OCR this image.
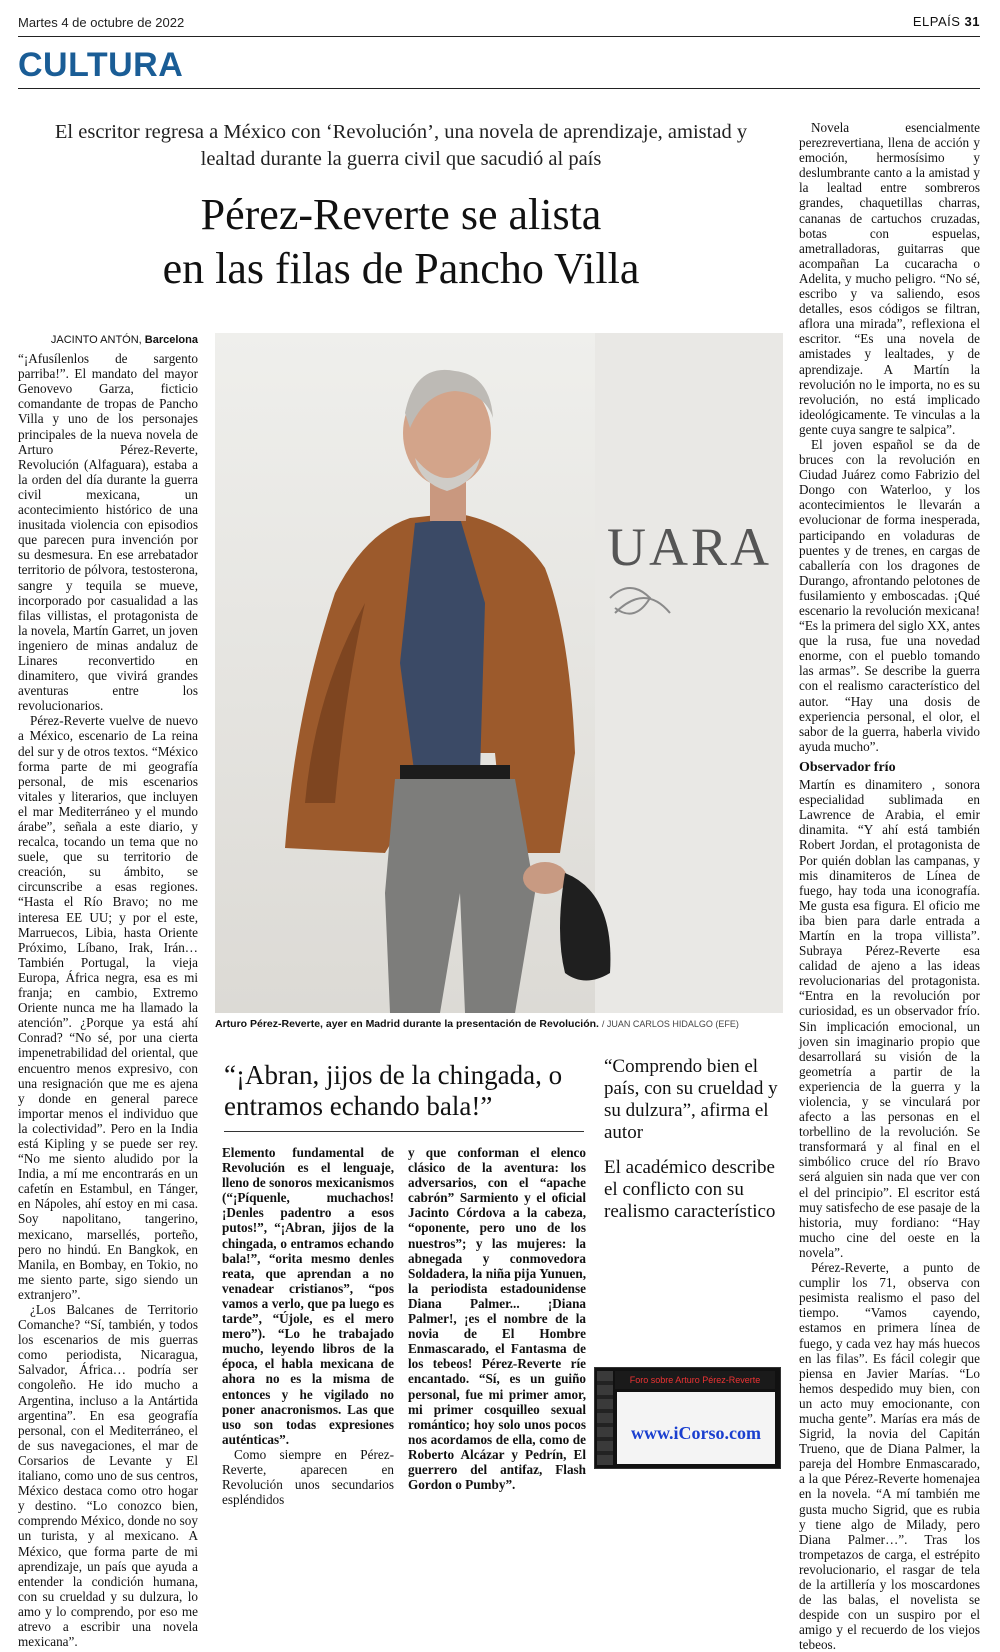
Martes 4 de octubre de 2022	ELPAÍS 31
CULTURA
El escritor regresa a México con ‘Revolución’, una novela de aprendizaje, amistad y lealtad durante la guerra civil que sacudió al país
Pérez-Reverte se alista
en las filas de Pancho Villa
JACINTO ANTÓN, Barcelona

“¡Afusílenlos de sargento parriba!”. El mandato del mayor Genovevo Garza, ficticio comandante de tropas de Pancho Villa y uno de los personajes principales de la nueva novela de Arturo Pérez-Reverte, Revolución (Alfaguara), estaba a la orden del día durante la guerra civil mexicana, un acontecimiento histórico de una inusitada violencia con episodios que parecen pura invención por su desmesura. En ese arrebatador territorio de pólvora, testosterona, sangre y tequila se mueve, incorporado por casualidad a las filas villistas, el protagonista de la novela, Martín Garret, un joven ingeniero de minas andaluz de Linares reconvertido en dinamitero, que vivirá grandes aventuras entre los revolucionarios.

Pérez-Reverte vuelve de nuevo a México, escenario de La reina del sur y de otros textos. “México forma parte de mi geografía personal, de mis escenarios vitales y literarios, que incluyen el mar Mediterráneo y el mundo árabe”, señala a este diario, y recalca, tocando un tema que no suele, que su territorio de creación, su ámbito, se circunscribe a esas regiones. “Hasta el Río Bravo; no me interesa EE UU; y por el este, Marruecos, Libia, hasta Oriente Próximo, Líbano, Irak, Irán… También Portugal, la vieja Europa, África negra, esa es mi franja; en cambio, Extremo Oriente nunca me ha llamado la atención”. ¿Porque ya está ahí Conrad? “No sé, por una cierta impenetrabilidad del oriental, que encuentro menos expresivo, con una resignación que me es ajena y donde en general parece importar menos el individuo que la colectividad”. Pero en la India está Kipling y se puede ser rey. “No me siento aludido por la India, a mí me encontrarás en un cafetín en Estambul, en Tánger, en Nápoles, ahí estoy en mi casa. Soy napolitano, tangerino, mexicano, marsellés, porteño, pero no hindú. En Bangkok, en Manila, en Bombay, en Tokio, no me siento parte, sigo siendo un extranjero”.

¿Los Balcanes de Territorio Comanche? “Sí, también, y todos los escenarios de mis guerras como periodista, Nicaragua, Salvador, África… podría ser congoleño. He ido mucho a Argentina, incluso a la Antártida argentina”. En esa geografía personal, con el Mediterráneo, el de sus navegaciones, el mar de Corsarios de Levante y El italiano, como uno de sus centros, México destaca como otro hogar y destino. “Lo conozco bien, comprendo México, donde no soy un turista, y al mexicano. A México, que forma parte de mi aprendizaje, un país que ayuda a entender la condición humana, con su crueldad y su dulzura, lo amo y lo comprendo, por eso me atrevo a escribir una novela mexicana”.

UARA
Arturo Pérez-Reverte, ayer en Madrid durante la presentación de Revolución. / JUAN CARLOS HIDALGO (EFE)
“¡Abran, jijos de la chingada, o entramos echando bala!”
“Comprendo bien el país, con su crueldad y su dulzura”, afirma el autor
El académico describe el conflicto con su realismo característico

Elemento fundamental de Revolución es el lenguaje, lleno de sonoros mexicanismos (“¡Píquenle, muchachos! ¡Denles padentro a esos putos!”, “¡Abran, jijos de la chingada, o entramos echando bala!”, “orita mesmo denles reata, que aprendan a no venadear cristianos”, “pos vamos a verlo, que pa luego es tarde”, “Újole, es el mero mero”). “Lo he trabajado mucho, leyendo libros de la época, el habla mexicana de ahora no es la misma de entonces y he vigilado no poner anacronismos. Las que uso son todas expresiones auténticas”.

Como siempre en Pérez-Reverte, aparecen en Revolución unos secundarios espléndidos

y que conforman el elenco clásico de la aventura: los adversarios, con el “apache cabrón” Sarmiento y el oficial Jacinto Córdova a la cabeza, “oponente, pero uno de los nuestros”; y las mujeres: la abnegada y conmovedora Soldadera, la niña pija Yunuen, la periodista estadounidense Diana Palmer... ¡Diana Palmer!, ¡es el nombre de la novia de El Hombre Enmascarado, el Fantasma de los tebeos! Pérez-Reverte ríe encantado. “Sí, es un guiño personal, fue mi primer amor, mi primer cosquilleo sexual romántico; hoy solo unos pocos nos acordamos de ella, como de Roberto Alcázar y Pedrín, El guerrero del antifaz, Flash Gordon o Pumby”.

Foro sobre Arturo Pérez-Reverte
www.iCorso.com

Novela esencialmente perezrevertiana, llena de acción y emoción, hermosísimo y deslumbrante canto a la amistad y la lealtad entre sombreros grandes, chaquetillas charras, cananas de cartuchos cruzadas, botas con espuelas, ametralladoras, guitarras que acompañan La cucaracha o Adelita, y mucho peligro. “No sé, escribo y va saliendo, esos detalles, esos códigos se filtran, aflora una mirada”, reflexiona el escritor. “Es una novela de amistades y lealtades, y de aprendizaje. A Martín la revolución no le importa, no es su revolución, no está implicado ideológicamente. Te vinculas a la gente cuya sangre te salpica”.

El joven español se da de bruces con la revolución en Ciudad Juárez como Fabrizio del Dongo con Waterloo, y los acontecimientos le llevarán a evolucionar de forma inesperada, participando en voladuras de puentes y de trenes, en cargas de caballería con los dragones de Durango, afrontando pelotones de fusilamiento y emboscadas. ¡Qué escenario la revolución mexicana! “Es la primera del siglo XX, antes que la rusa, fue una novedad enorme, con el pueblo tomando las armas”. Se describe la guerra con el realismo característico del autor. “Hay una dosis de experiencia personal, el olor, el sabor de la guerra, haberla vivido ayuda mucho”.

Observador frío

Martín es dinamitero , sonora especialidad sublimada en Lawrence de Arabia, el emir dinamita. “Y ahí está también Robert Jordan, el protagonista de Por quién doblan las campanas, y mis dinamiteros de Línea de fuego, hay toda una iconografía. Me gusta esa figura. El oficio me iba bien para darle entrada a Martín en la tropa villista”. Subraya Pérez-Reverte esa calidad de ajeno a las ideas revolucionarias del protagonista. “Entra en la revolución por curiosidad, es un observador frío. Sin implicación emocional, un joven sin imaginario propio que desarrollará su visión de la geometría a partir de la experiencia de la guerra y la violencia, y se vinculará por afecto a las personas en el torbellino de la revolución. Se transformará y al final en el simbólico cruce del río Bravo será alguien sin nada que ver con el del principio”. El escritor está muy satisfecho de ese pasaje de la historia, muy fordiano: “Hay mucho cine del oeste en la novela”.

Pérez-Reverte, a punto de cumplir los 71, observa con pesimista realismo el paso del tiempo. “Vamos cayendo, estamos en primera línea de fuego, y cada vez hay más huecos en las filas”. Es fácil colegir que piensa en Javier Marías. “Lo hemos despedido muy bien, con un acto muy emocionante, con mucha gente”. Marías era más de Sigrid, la novia del Capitán Trueno, que de Diana Palmer, la pareja del Hombre Enmascarado, a la que Pérez-Reverte homenajea en la novela. “A mí también me gusta mucho Sigrid, que es rubia y tiene algo de Milady, pero Diana Palmer…”. Tras los trompetazos de carga, el estrépito revolucionario, el rasgar de tela de la artillería y los moscardones de las balas, el novelista se despide con un suspiro por el amigo y el recuerdo de los viejos tebeos.
